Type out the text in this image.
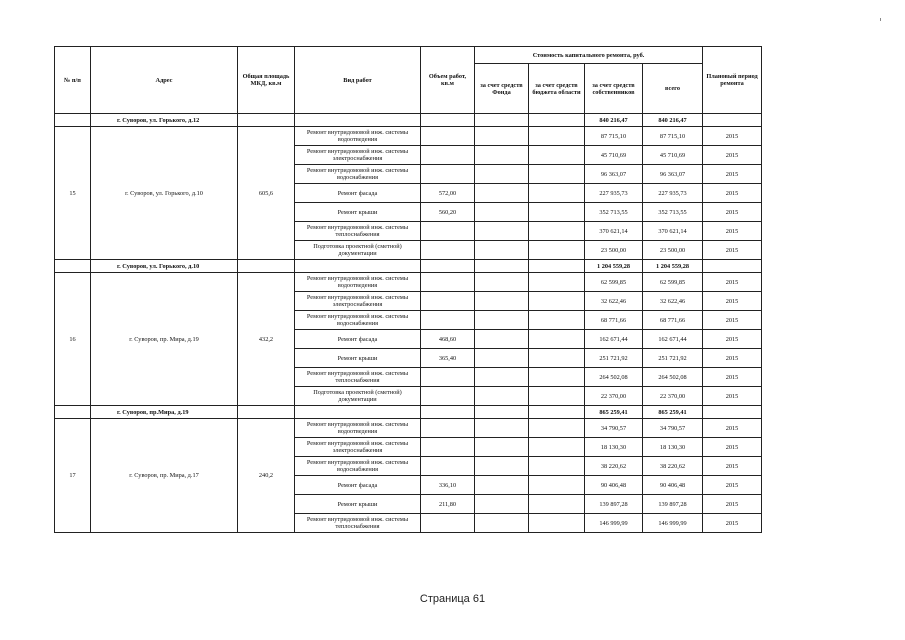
№ п/п	Адрес	Общая площадь МКД, кв.м	Вид работ	Объем работ, кв.м	Стоимость капитального ремонта, руб.				Плановый период ремонта
					за счет средств Фонда	за счет средств бюджета области	за счет средств собственников	всего	
	г. Суворов, ул. Горького, д.12						840 216,47	840 216,47	
15	г. Суворов, ул. Горького, д.10	605,6	Ремонт внутридомовой инж. системы водоотведения				87 715,10	87 715,10	2015
			Ремонт внутридомовой инж. системы электроснабжения				45 710,69	45 710,69	2015
			Ремонт внутридомовой инж. системы водоснабжения				96 363,07	96 363,07	2015
			Ремонт фасада	572,00			227 935,73	227 935,73	2015
			Ремонт крыши	560,20			352 713,55	352 713,55	2015
			Ремонт внутридомовой инж. системы теплоснабжения				370 621,14	370 621,14	2015
			Подготовка проектной (сметной) документации				23 500,00	23 500,00	2015
	г. Суворов, ул. Горького, д.10						1 204 559,28	1 204 559,28	
16	г. Суворов, пр. Мира, д.19	432,2	Ремонт внутридомовой инж. системы водоотведения				62 599,85	62 599,85	2015
			Ремонт внутридомовой инж. системы электроснабжения				32 622,46	32 622,46	2015
			Ремонт внутридомовой инж. системы водоснабжения				68 771,66	68 771,66	2015
			Ремонт фасада	468,60			162 671,44	162 671,44	2015
			Ремонт крыши	365,40			251 721,92	251 721,92	2015
			Ремонт внутридомовой инж. системы теплоснабжения				264 502,08	264 502,08	2015
			Подготовка проектной (сметной) документации				22 370,00	22 370,00	2015
	г. Суворов, пр.Мира, д.19						865 259,41	865 259,41	
17	г. Суворов, пр. Мира, д.17	240,2	Ремонт внутридомовой инж. системы водоотведения				34 790,57	34 790,57	2015
			Ремонт внутридомовой инж. системы электроснабжения				18 130,30	18 130,30	2015
			Ремонт внутридомовой инж. системы водоснабжения				38 220,62	38 220,62	2015
			Ремонт фасада	336,10			90 406,48	90 406,48	2015
			Ремонт крыши	211,80			139 897,28	139 897,28	2015
			Ремонт внутридомовой инж. системы теплоснабжения				146 999,99	146 999,99	2015
Страница 61
